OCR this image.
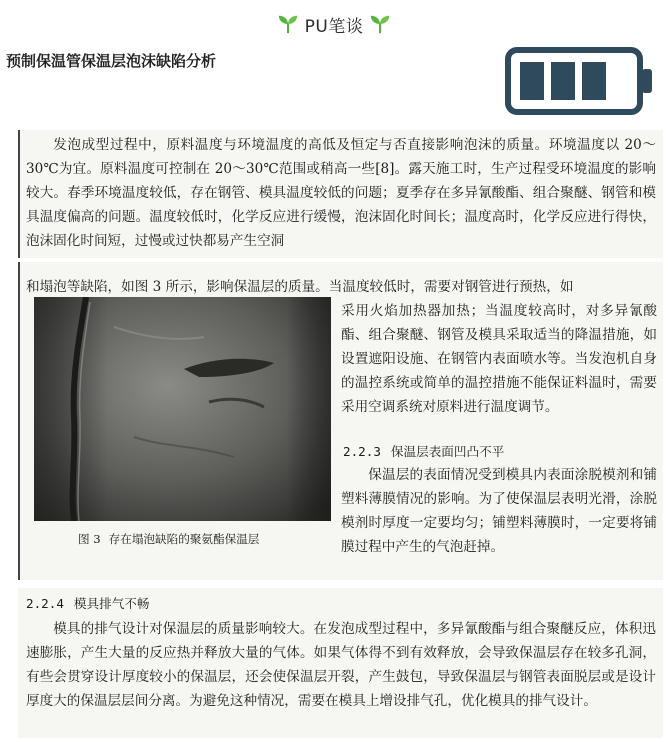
PU笔谈
预制保温管保温层泡沫缺陷分析
发泡成型过程中，原料温度与环境温度的高低及恒定与否直接影响泡沫的质量。环境温度以 20～30℃为宜。原料温度可控制在 20～30℃范围或稍高一些[8]。露天施工时，生产过程受环境温度的影响较大。春季环境温度较低，存在钢管、模具温度较低的问题；夏季存在多异氰酸酯、组合聚醚、钢管和模具温度偏高的问题。温度较低时，化学反应进行缓慢，泡沫固化时间长；温度高时，化学反应进行得快，泡沫固化时间短，过慢或过快都易产生空洞
和塌泡等缺陷，如图 3 所示，影响保温层的质量。当温度较低时，需要对钢管进行预热，如
采用火焰加热器加热；当温度较高时，对多异氰酸酯、组合聚醚、钢管及模具采取适当的降温措施，如设置遮阳设施、在钢管内表面喷水等。当发泡机自身的温控系统或简单的温控措施不能保证料温时，需要采用空调系统对原料进行温度调节。
图 3 存在塌泡缺陷的聚氨酯保温层
2.2.3 保温层表面凹凸不平
保温层的表面情况受到模具内表面涂脱模剂和铺塑料薄膜情况的影响。为了使保温层表明光滑，涂脱模剂时厚度一定要均匀；铺塑料薄膜时，一定要将铺膜过程中产生的气泡赶掉。
2.2.4 模具排气不畅
模具的排气设计对保温层的质量影响较大。在发泡成型过程中，多异氰酸酯与组合聚醚反应，体积迅速膨胀，产生大量的反应热并释放大量的气体。如果气体得不到有效释放，会导致保温层存在较多孔洞，有些会贯穿设计厚度较小的保温层，还会使保温层开裂，产生鼓包，导致保温层与钢管表面脱层或是设计厚度大的保温层层间分离。为避免这种情况，需要在模具上增设排气孔，优化模具的排气设计。
